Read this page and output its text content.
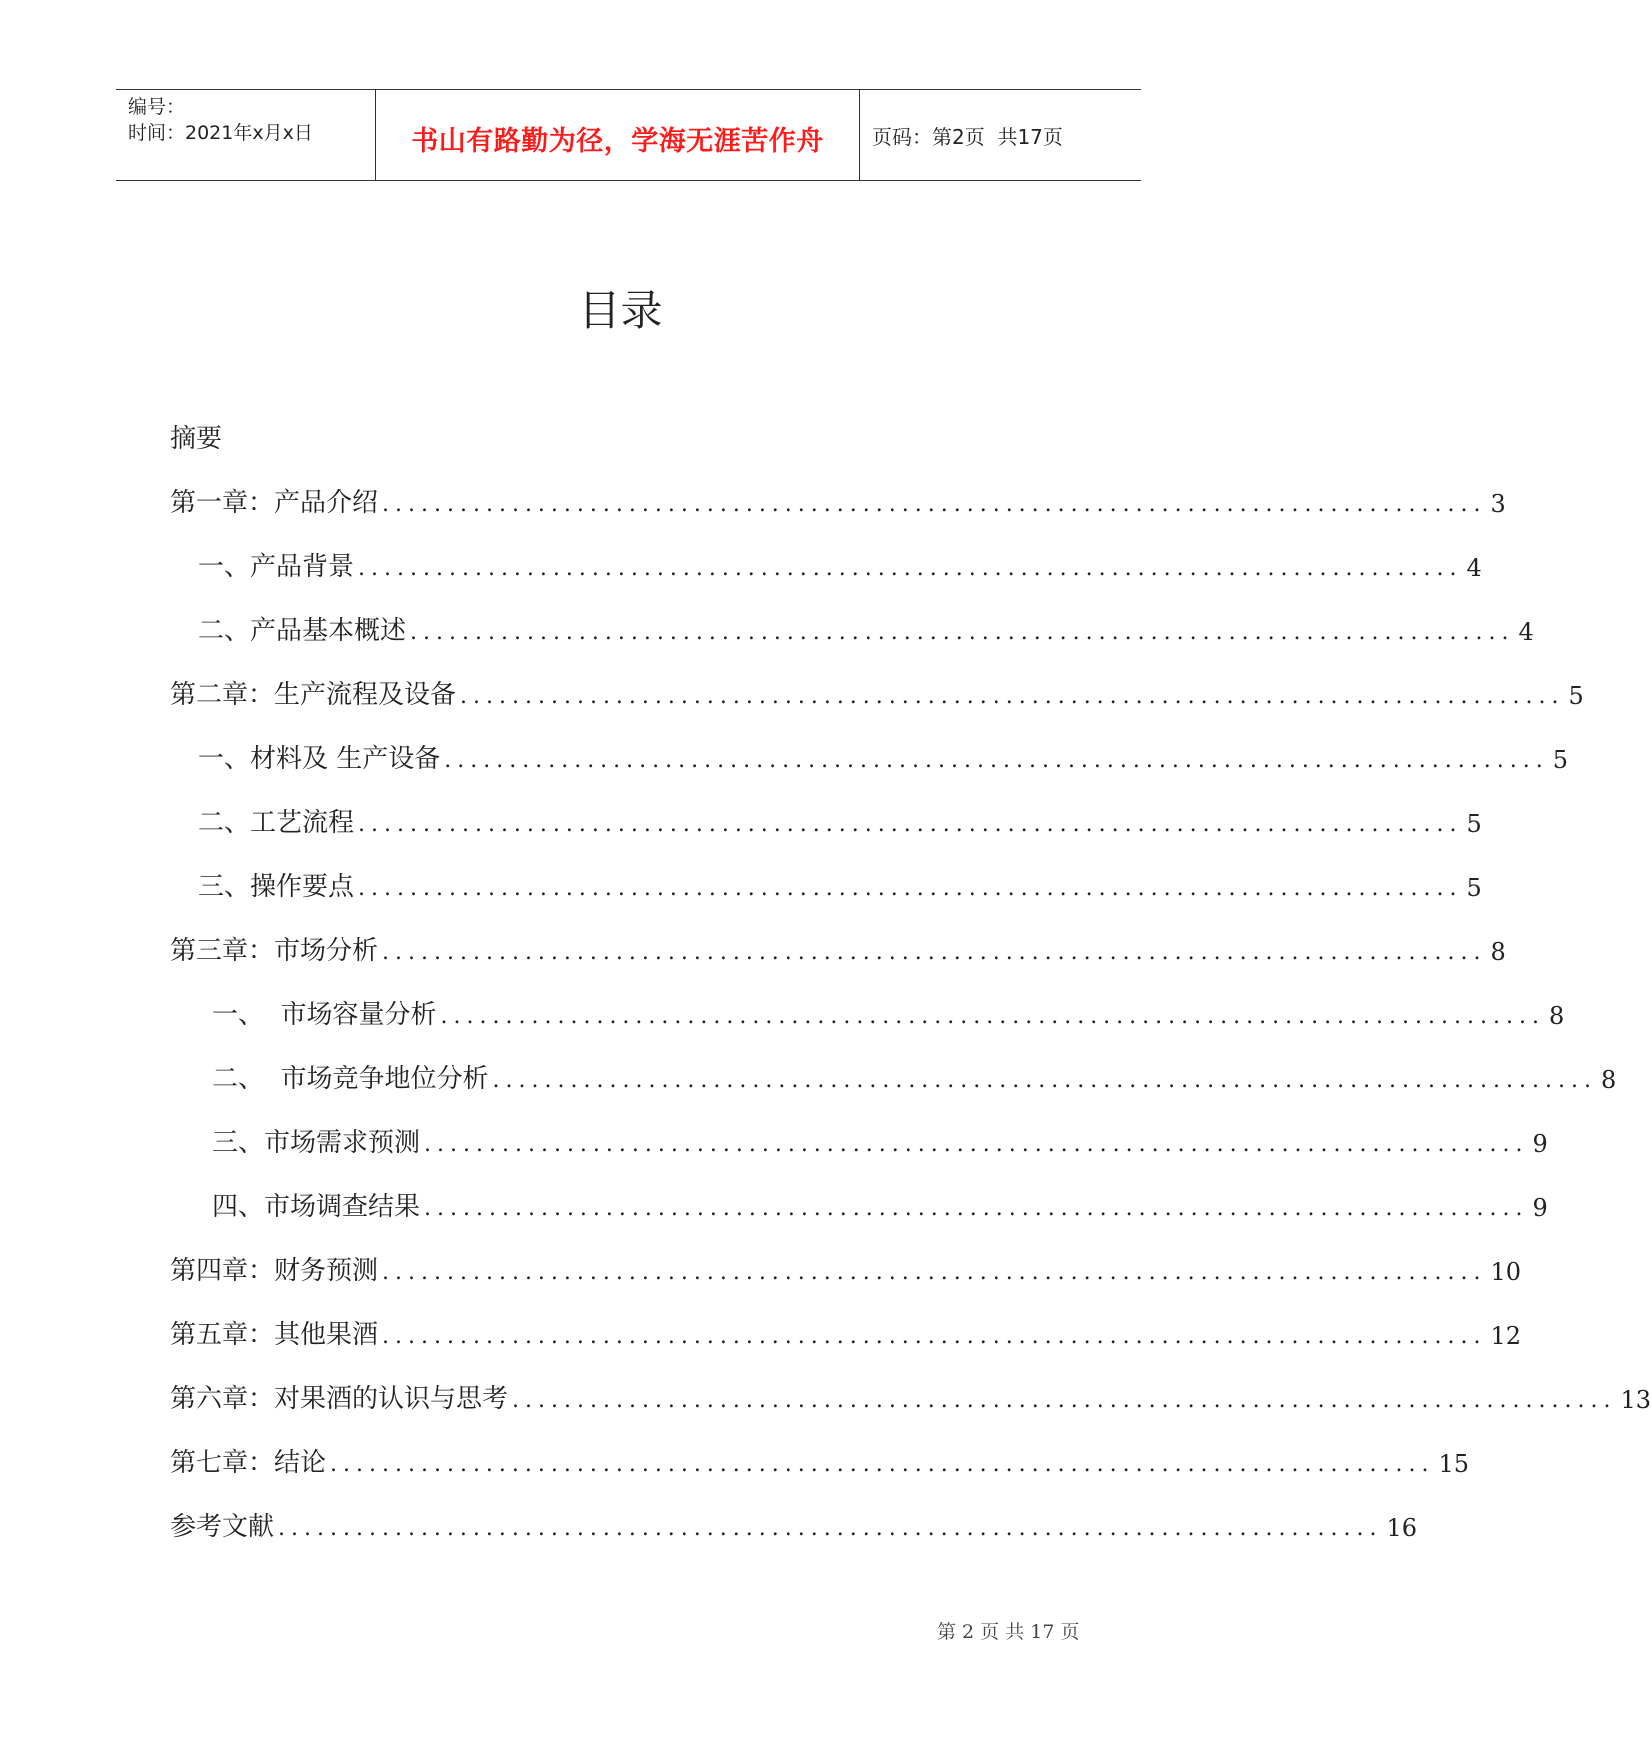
编号：
时间：2021年x月x日	书山有路勤为径，学海无涯苦作舟 页码：第2页  共17页
目录
摘要
第一章：产品介绍 ..................................................................................... 3
一、产品背景 ..................................................................................... 4
二、产品基本概述 ..................................................................................... 4
第二章：生产流程及设备 ..................................................................................... 5
一、材料及 生产设备 ..................................................................................... 5
二、工艺流程 ..................................................................................... 5
三、操作要点 ..................................................................................... 5
第三章：市场分析 ..................................................................................... 8
一、  市场容量分析 ..................................................................................... 8
二、  市场竞争地位分析 ..................................................................................... 8
三、市场需求预测 ..................................................................................... 9
四、市场调查结果 ..................................................................................... 9
第四章：财务预测 ..................................................................................... 10
第五章：其他果酒 ..................................................................................... 12
第六章：对果酒的认识与思考 ..................................................................................... 13
第七章：结论 ..................................................................................... 15
参考文献 ..................................................................................... 16
第 2 页 共 17 页
